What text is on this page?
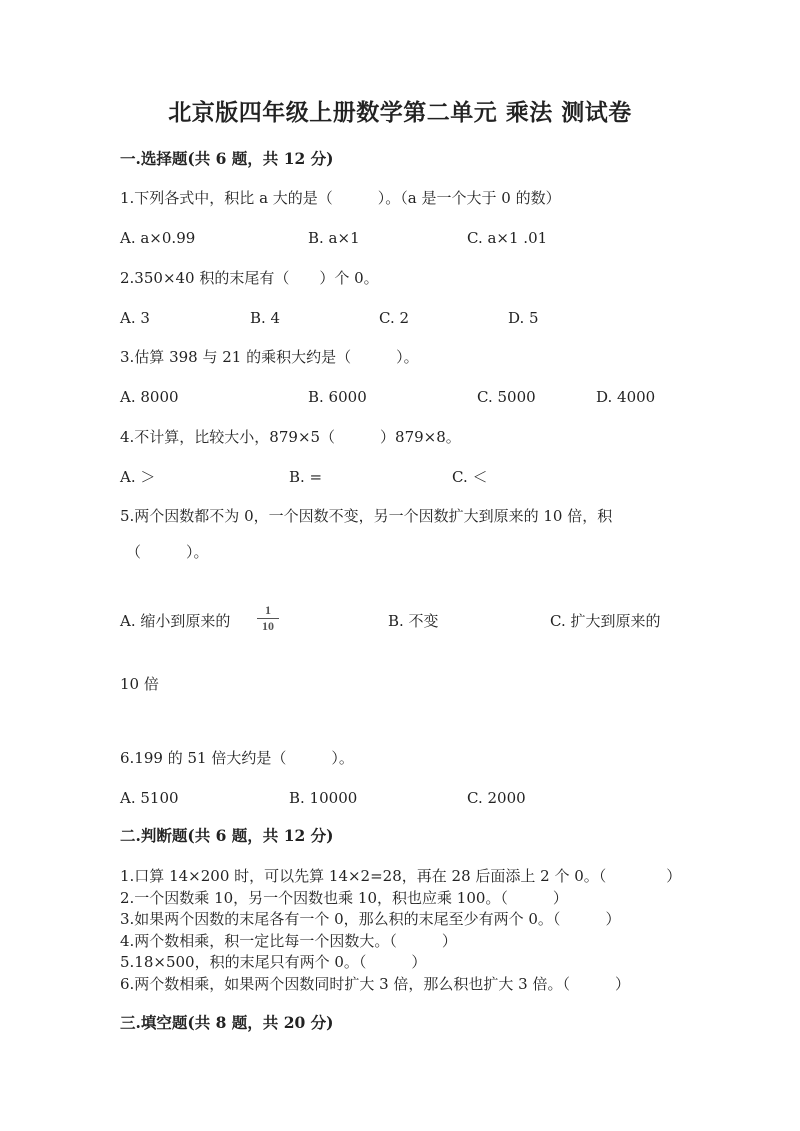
北京版四年级上册数学第二单元 乘法 测试卷
一.选择题(共 6 题，共 12 分)
1.下列各式中，积比 a 大的是（　　　）。（a 是一个大于 0 的数）
A. a×0.99	B. a×1	C. a×1 .01
2.350×40 积的末尾有（　　）个 0。
A. 3	B. 4	C. 2	D. 5
3.估算 398 与 21 的乘积大约是（　　　）。
A. 8000	B. 6000	C. 5000	D. 4000
4.不计算，比较大小，879×5（　　　）879×8。
A. ＞	B. =	C. ＜
5.两个因数都不为 0，一个因数不变，另一个因数扩大到原来的 10 倍，积
（　　　）。
A. 缩小到原来的
1
10	B. 不变	C. 扩大到原来的
10 倍
6.199 的 51 倍大约是（　　　）。
A. 5100	B. 10000	C. 2000
二.判断题(共 6 题，共 12 分)
1.口算 14×200 时，可以先算 14×2=28，再在 28 后面添上 2 个 0。（　　　　）
2.一个因数乘 10，另一个因数也乘 10，积也应乘 100。（　　　）
3.如果两个因数的末尾各有一个 0，那么积的末尾至少有两个 0。（　　　）
4.两个数相乘，积一定比每一个因数大。（　　　）
5.18×500，积的末尾只有两个 0。（　　　）
6.两个数相乘，如果两个因数同时扩大 3 倍，那么积也扩大 3 倍。（　　　）
三.填空题(共 8 题，共 20 分)
